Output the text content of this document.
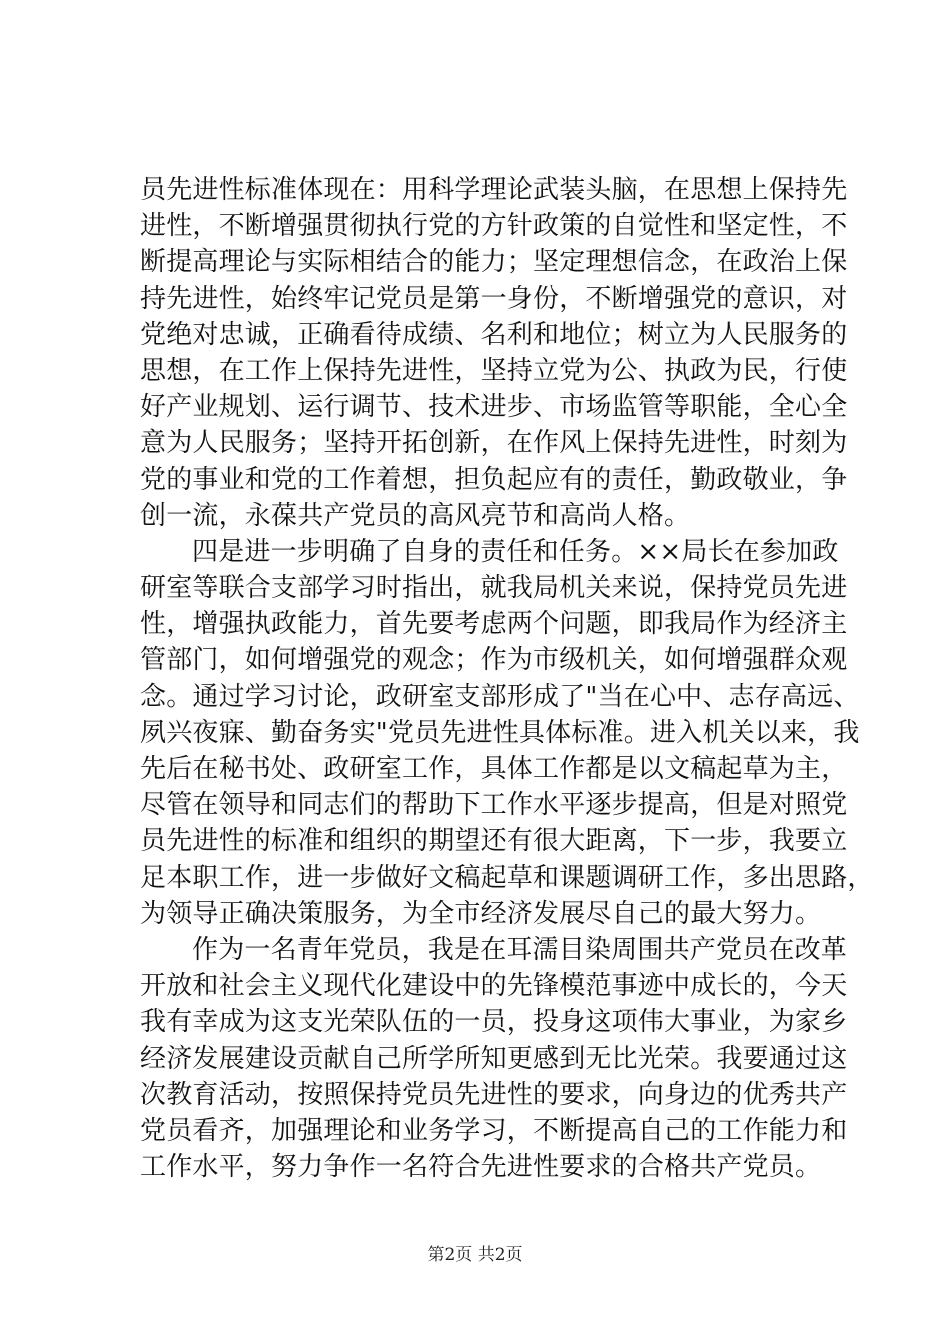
员先进性标准体现在：用科学理论武装头脑，在思想上保持先
进性，不断增强贯彻执行党的方针政策的自觉性和坚定性，不
断提高理论与实际相结合的能力；坚定理想信念，在政治上保
持先进性，始终牢记党员是第一身份，不断增强党的意识，对
党绝对忠诚，正确看待成绩、名利和地位；树立为人民服务的
思想，在工作上保持先进性，坚持立党为公、执政为民，行使
好产业规划、运行调节、技术进步、市场监管等职能，全心全
意为人民服务；坚持开拓创新，在作风上保持先进性，时刻为
党的事业和党的工作着想，担负起应有的责任，勤政敬业，争
创一流，永葆共产党员的高风亮节和高尚人格。
四是进一步明确了自身的责任和任务。××局长在参加政
研室等联合支部学习时指出，就我局机关来说，保持党员先进
性，增强执政能力，首先要考虑两个问题，即我局作为经济主
管部门，如何增强党的观念；作为市级机关，如何增强群众观
念。通过学习讨论，政研室支部形成了"当在心中、志存高远、
夙兴夜寐、勤奋务实"党员先进性具体标准。进入机关以来，我
先后在秘书处、政研室工作，具体工作都是以文稿起草为主，
尽管在领导和同志们的帮助下工作水平逐步提高，但是对照党
员先进性的标准和组织的期望还有很大距离，下一步，我要立
足本职工作，进一步做好文稿起草和课题调研工作，多出思路，
为领导正确决策服务，为全市经济发展尽自己的最大努力。
作为一名青年党员，我是在耳濡目染周围共产党员在改革
开放和社会主义现代化建设中的先锋模范事迹中成长的，今天
我有幸成为这支光荣队伍的一员，投身这项伟大事业，为家乡
经济发展建设贡献自己所学所知更感到无比光荣。我要通过这
次教育活动，按照保持党员先进性的要求，向身边的优秀共产
党员看齐，加强理论和业务学习，不断提高自己的工作能力和
工作水平，努力争作一名符合先进性要求的合格共产党员。
第2页 共2页
